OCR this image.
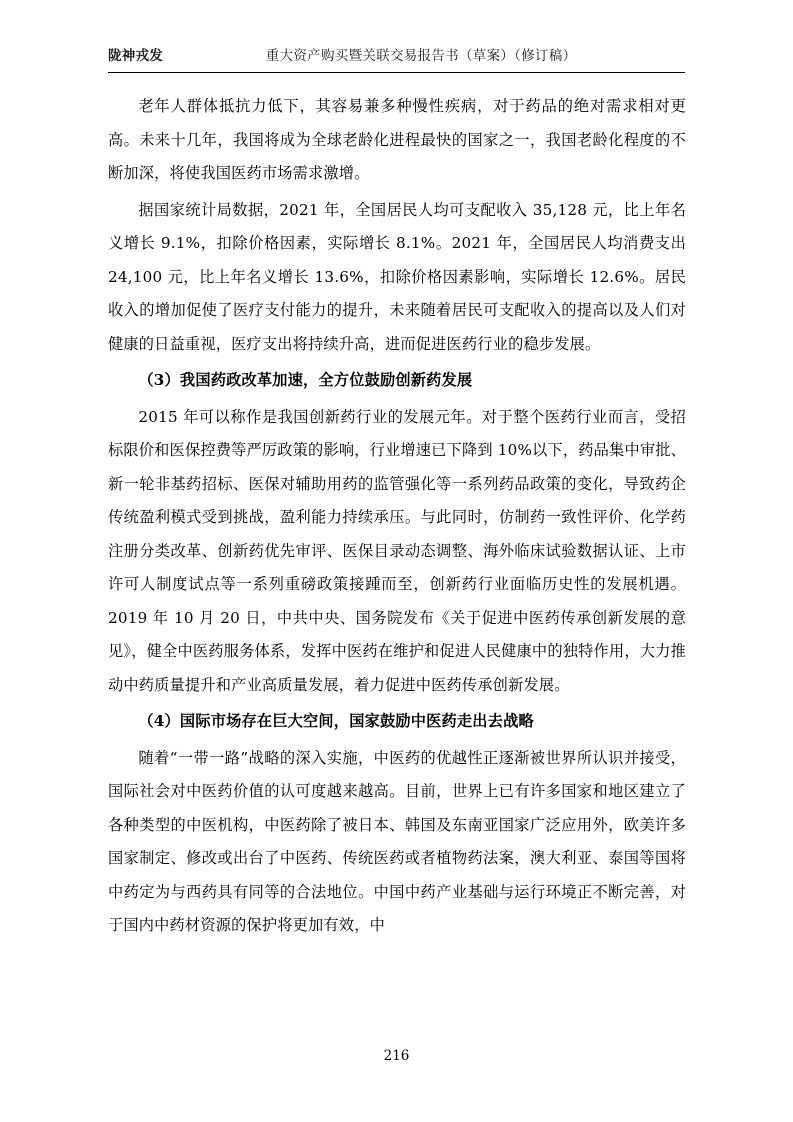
陇神戎发	重大资产购买暨关联交易报告书（草案）（修订稿）

老年人群体抵抗力低下，其容易兼多种慢性疾病，对于药品的绝对需求相对更高。未来十几年，我国将成为全球老龄化进程最快的国家之一，我国老龄化程度的不断加深，将使我国医药市场需求激增。

据国家统计局数据，2021 年，全国居民人均可支配收入 35,128 元，比上年名义增长 9.1%，扣除价格因素，实际增长 8.1%。2021 年，全国居民人均消费支出 24,100 元，比上年名义增长 13.6%，扣除价格因素影响，实际增长 12.6%。居民收入的增加促使了医疗支付能力的提升，未来随着居民可支配收入的提高以及人们对健康的日益重视，医疗支出将持续升高，进而促进医药行业的稳步发展。

（3）我国药政改革加速，全方位鼓励创新药发展

2015 年可以称作是我国创新药行业的发展元年。对于整个医药行业而言，受招标限价和医保控费等严厉政策的影响，行业增速已下降到 10%以下，药品集中审批、新一轮非基药招标、医保对辅助用药的监管强化等一系列药品政策的变化，导致药企传统盈利模式受到挑战，盈利能力持续承压。与此同时，仿制药一致性评价、化学药注册分类改革、创新药优先审评、医保目录动态调整、海外临床试验数据认证、上市许可人制度试点等一系列重磅政策接踵而至，创新药行业面临历史性的发展机遇。2019 年 10 月 20 日，中共中央、国务院发布《关于促进中医药传承创新发展的意见》，健全中医药服务体系，发挥中医药在维护和促进人民健康中的独特作用，大力推动中药质量提升和产业高质量发展，着力促进中医药传承创新发展。

（4）国际市场存在巨大空间，国家鼓励中医药走出去战略

随着“一带一路”战略的深入实施，中医药的优越性正逐渐被世界所认识并接受，国际社会对中医药价值的认可度越来越高。目前，世界上已有许多国家和地区建立了各种类型的中医机构，中医药除了被日本、韩国及东南亚国家广泛应用外，欧美许多国家制定、修改或出台了中医药、传统医药或者植物药法案，澳大利亚、泰国等国将中药定为与西药具有同等的合法地位。中国中药产业基础与运行环境正不断完善，对于国内中药材资源的保护将更加有效，中

216
